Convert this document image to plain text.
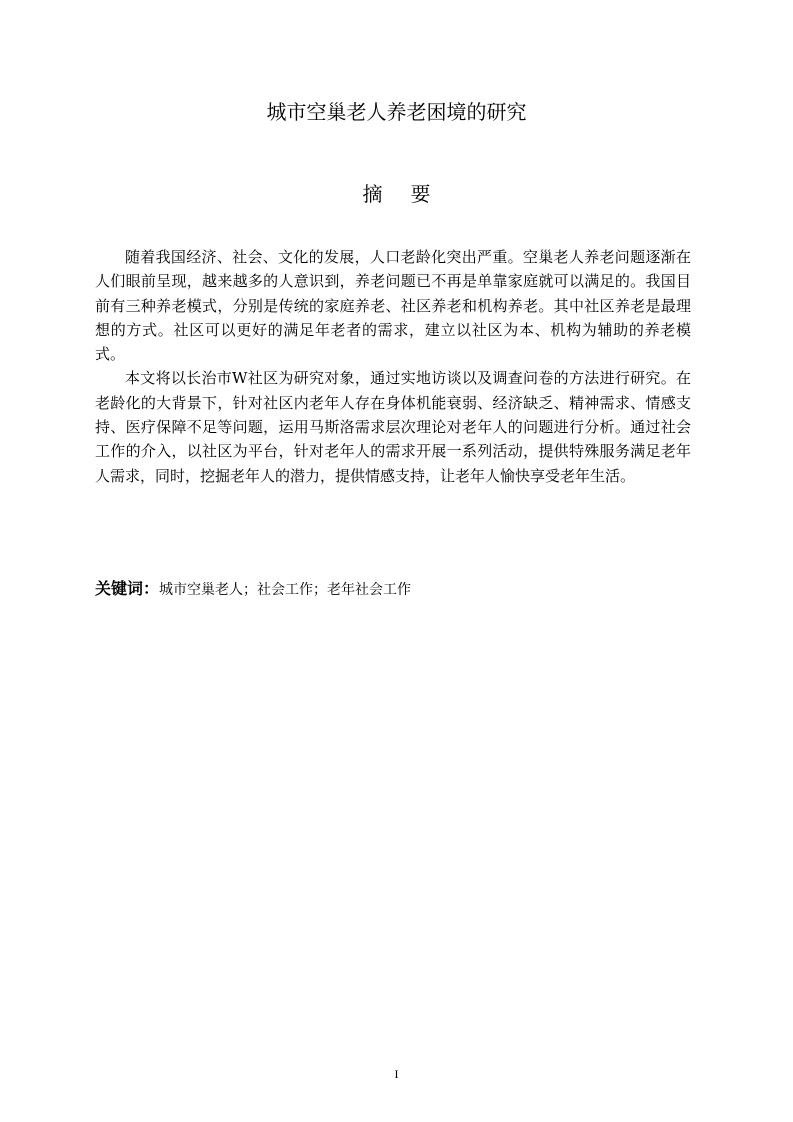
城市空巢老人养老困境的研究
摘要

随着我国经济、社会、文化的发展，人口老龄化突出严重。空巢老人养老问题逐渐在人们眼前呈现，越来越多的人意识到，养老问题已不再是单靠家庭就可以满足的。我国目前有三种养老模式，分别是传统的家庭养老、社区养老和机构养老。其中社区养老是最理想的方式。社区可以更好的满足年老者的需求，建立以社区为本、机构为辅助的养老模式。

本文将以长治市W社区为研究对象，通过实地访谈以及调查问卷的方法进行研究。在老龄化的大背景下，针对社区内老年人存在身体机能衰弱、经济缺乏、精神需求、情感支持、医疗保障不足等问题，运用马斯洛需求层次理论对老年人的问题进行分析。通过社会工作的介入，以社区为平台，针对老年人的需求开展一系列活动，提供特殊服务满足老年人需求，同时，挖掘老年人的潜力，提供情感支持，让老年人愉快享受老年生活。

关键词：城市空巢老人；社会工作；老年社会工作
I
